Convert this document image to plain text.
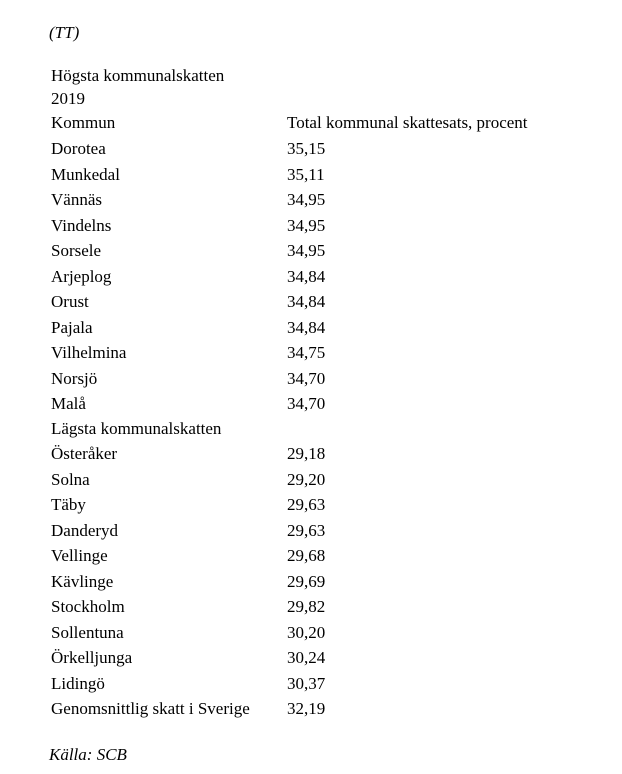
(TT)
Högsta kommunalskatten
2019
Kommun	Total kommunal skattesats, procent
Dorotea	35,15
Munkedal	35,11
Vännäs	34,95
Vindelns	34,95
Sorsele	34,95
Arjeplog	34,84
Orust	34,84
Pajala	34,84
Vilhelmina	34,75
Norsjö	34,70
Malå	34,70
Lägsta kommunalskatten
Österåker	29,18
Solna	29,20
Täby	29,63
Danderyd	29,63
Vellinge	29,68
Kävlinge	29,69
Stockholm	29,82
Sollentuna	30,20
Örkelljunga	30,24
Lidingö	30,37
Genomsnittlig skatt i Sverige 32,19
Källa: SCB
